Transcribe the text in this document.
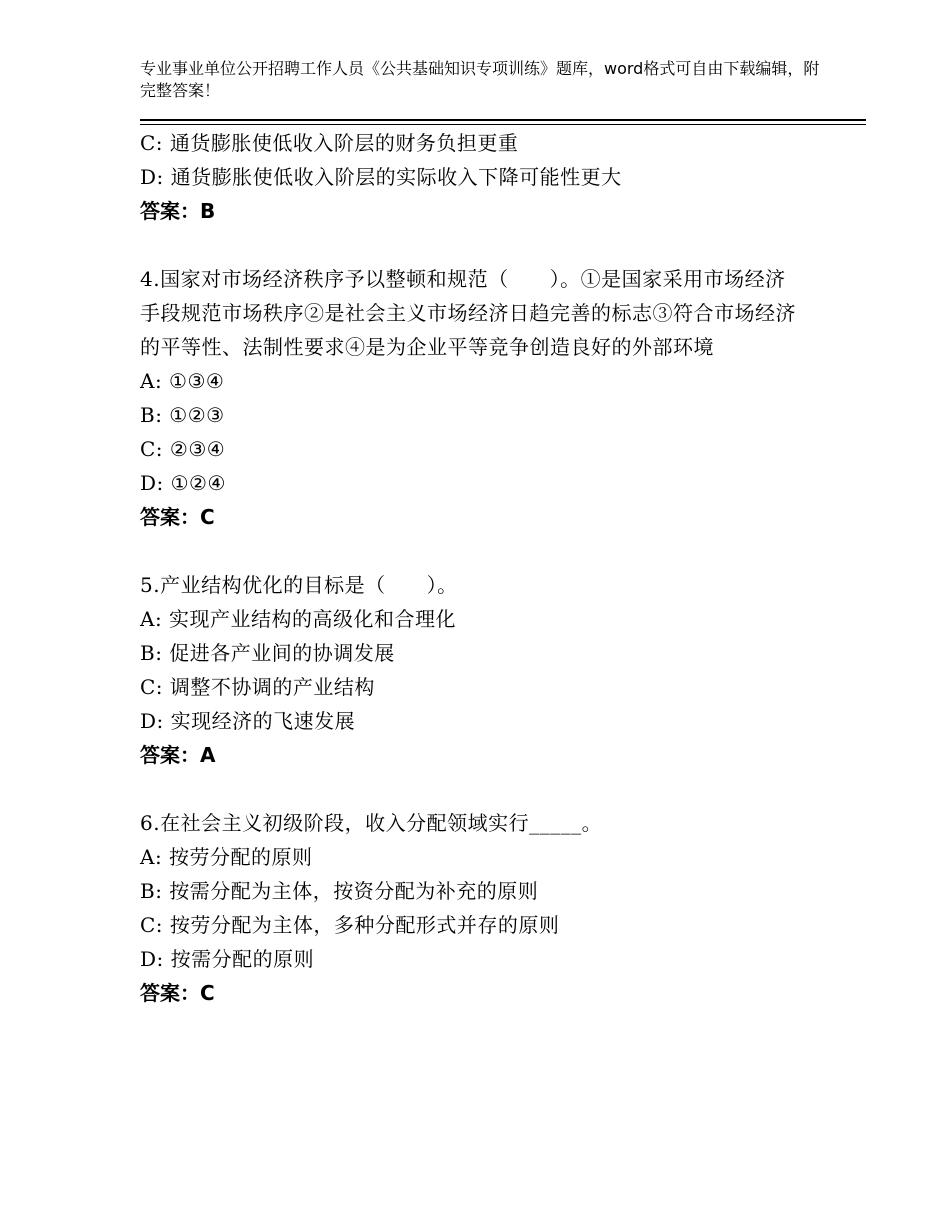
专业事业单位公开招聘工作人员《公共基础知识专项训练》题库，word格式可自由下载编辑，附完整答案！
C: 通货膨胀使低收入阶层的财务负担更重
D: 通货膨胀使低收入阶层的实际收入下降可能性更大
答案：B
4.国家对市场经济秩序予以整顿和规范（　　）。①是国家采用市场经济手段规范市场秩序②是社会主义市场经济日趋完善的标志③符合市场经济的平等性、法制性要求④是为企业平等竞争创造良好的外部环境
A: ①③④
B: ①②③
C: ②③④
D: ①②④
答案：C
5.产业结构优化的目标是（　　）。
A: 实现产业结构的高级化和合理化
B: 促进各产业间的协调发展
C: 调整不协调的产业结构
D: 实现经济的飞速发展
答案：A
6.在社会主义初级阶段，收入分配领域实行_____。
A: 按劳分配的原则
B: 按需分配为主体，按资分配为补充的原则
C: 按劳分配为主体，多种分配形式并存的原则
D: 按需分配的原则
答案：C
